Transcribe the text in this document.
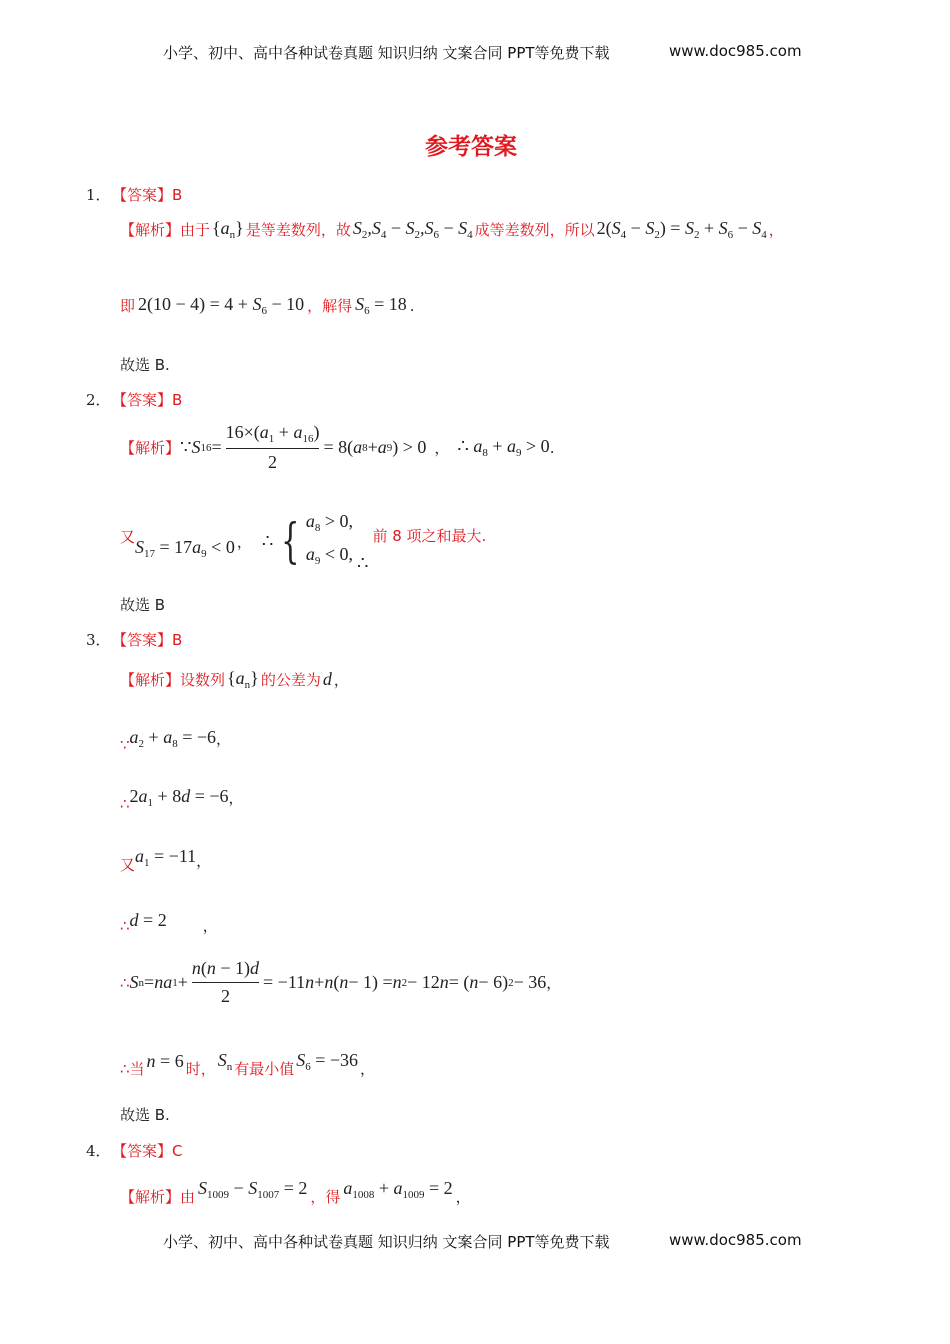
小学、初中、高中各种试卷真题 知识归纳 文案合同 PPT等免费下载	www.doc985.com
参考答案
1． 【答案】B
【解析】 由于 $\{a_n\}$ 是等差数列，故 $S_2,S_4 - S_2,S_6 - S_4$ 成等差数列，所以 $2(S_4 - S_2) = S_2 + S_6 - S_4$ ，
即 $2(10 - 4) = 4 + S_6 - 10$ ，解得 $S_6 = 18$ .
故选 B.
2． 【答案】B
【解析】 ∵ S $16 = \frac{16\times(a_1 + a_{16})}{2} = 8$( a 8 + a 9 ) > 0 ， ∴ $a_8 + a_9 > 0$ .
又 $S_{17} = 17a_9 < 0$ ， ∴ { $a_8 > 0$,
$a_9 < 0$, ∴
前 8 项之和最大.
故选 B
3． 【答案】B
【解析】 设数列 $\{a_n\}$ 的公差为 d ，
∵ $a_2 + a_8 = -6$ ，
∴ $2a_1 + 8d = -6$ ，
又 $a_1 = -11$ ，
∴ d = 2 ，
∴ S n = na $1 + \frac{n(n - 1)d}{2} = -11$ n + n ( n − 1) = n 2 − 12 n = ( n − 6) 2 − 36 ，
∴当 n = 6 时， $S_n$ 有最小值 $S_6 = -36$ ，
故选 B.
4． 【答案】C
【解析】 由 $S_{1009} - S_{1007} = 2$ ，得 $a_{1008} + a_{1009} = 2$ ，
小学、初中、高中各种试卷真题 知识归纳 文案合同 PPT等免费下载	www.doc985.com
